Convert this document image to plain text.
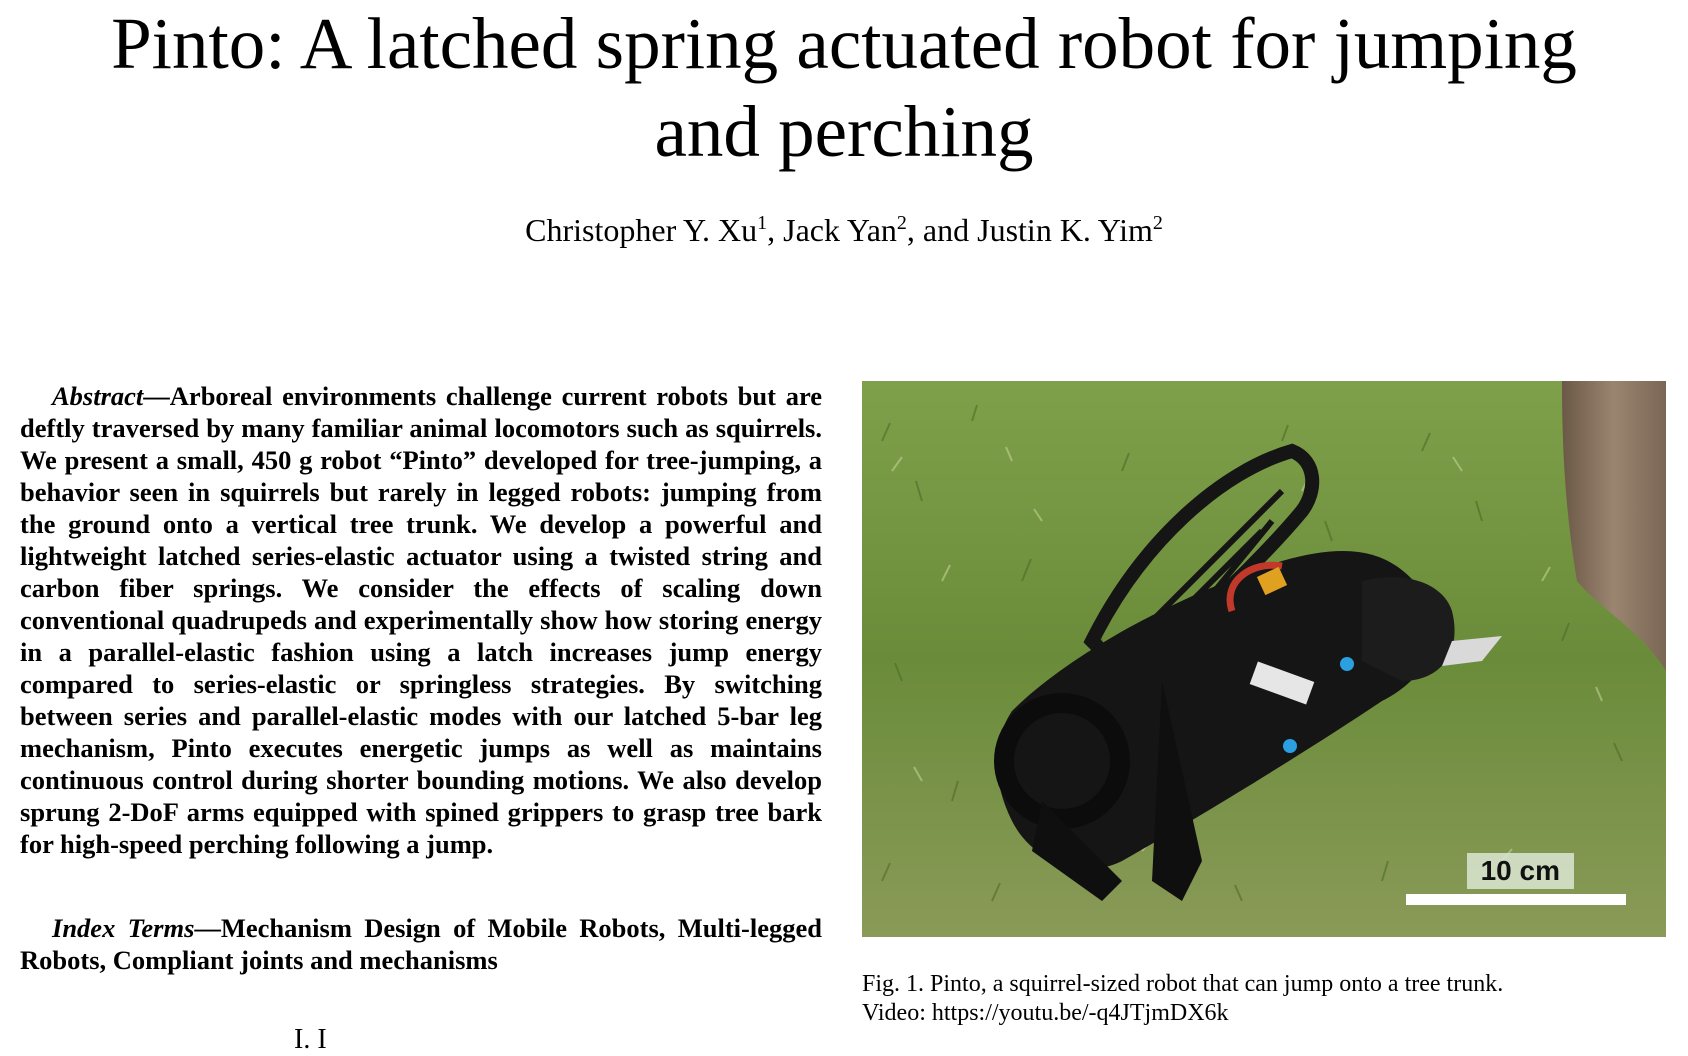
Pinto: A latched spring actuated robot for jumping
and perching
Christopher Y. Xu$^1$, Jack Yan$^2$, and Justin K. Yim$^2$

Abstract—Arboreal environments challenge current robots but are deftly traversed by many familiar animal locomotors such as squirrels. We present a small, 450 g robot “Pinto” developed for tree-jumping, a behavior seen in squirrels but rarely in legged robots: jumping from the ground onto a vertical tree trunk. We develop a powerful and lightweight latched series-elastic actuator using a twisted string and carbon fiber springs. We consider the effects of scaling down conventional quadrupeds and experimentally show how storing energy in a parallel-elastic fashion using a latch increases jump energy compared to series-elastic or springless strategies. By switching between series and parallel-elastic modes with our latched 5-bar leg mechanism, Pinto executes energetic jumps as well as maintains continuous control during shorter bounding motions. We also develop sprung 2-DoF arms equipped with spined grippers to grasp tree bark for high-speed perching following a jump.

Index Terms—Mechanism Design of Mobile Robots, Multi-legged Robots, Compliant joints and mechanisms

I. I
10 cm
Fig. 1. Pinto, a squirrel-sized robot that can jump onto a tree trunk.
Video: https://youtu.be/-q4JTjmDX6k
